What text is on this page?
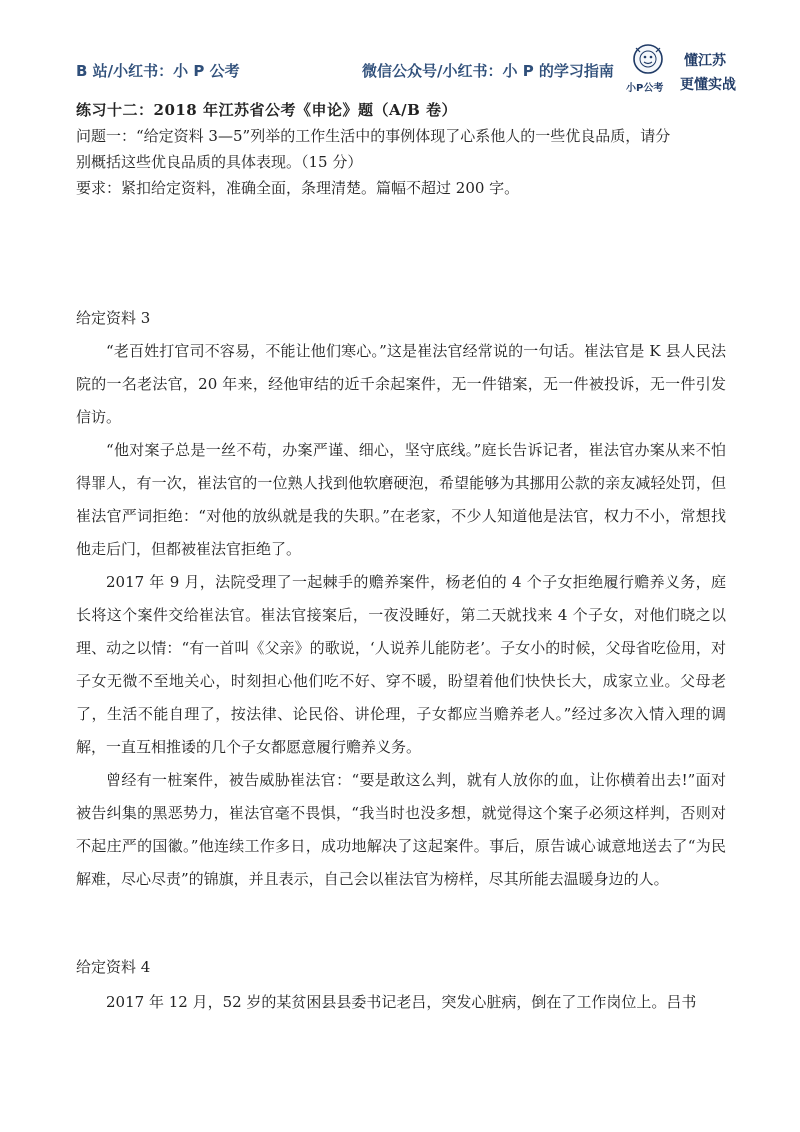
B 站/小红书：小 P 公考	微信公众号/小红书：小 P 的学习指南
小P公考
懂江苏
更懂实战

练习十二：2018 年江苏省公考《申论》题（A/B 卷）

问题一：“给定资料 3—5”列举的工作生活中的事例体现了心系他人的一些优良品质，请分

别概括这些优良品质的具体表现。（15 分）

要求：紧扣给定资料，准确全面，条理清楚。篇幅不超过 200 字。

给定资料 3

“老百姓打官司不容易，不能让他们寒心。”这是崔法官经常说的一句话。崔法官是 K 县人民法院的一名老法官，20 年来，经他审结的近千余起案件，无一件错案，无一件被投诉，无一件引发信访。

“他对案子总是一丝不苟，办案严谨、细心，坚守底线。”庭长告诉记者，崔法官办案从来不怕得罪人，有一次，崔法官的一位熟人找到他软磨硬泡，希望能够为其挪用公款的亲友减轻处罚，但崔法官严词拒绝：“对他的放纵就是我的失职。”在老家，不少人知道他是法官，权力不小，常想找他走后门，但都被崔法官拒绝了。

2017 年 9 月，法院受理了一起棘手的赡养案件，杨老伯的 4 个子女拒绝履行赡养义务，庭长将这个案件交给崔法官。崔法官接案后，一夜没睡好，第二天就找来 4 个子女，对他们晓之以理、动之以情：“有一首叫《父亲》的歌说，‘人说养儿能防老’。子女小的时候，父母省吃俭用，对子女无微不至地关心，时刻担心他们吃不好、穿不暖，盼望着他们快快长大，成家立业。父母老了，生活不能自理了，按法律、论民俗、讲伦理，子女都应当赡养老人。”经过多次入情入理的调解，一直互相推诿的几个子女都愿意履行赡养义务。

曾经有一桩案件，被告威胁崔法官：“要是敢这么判，就有人放你的血，让你横着出去!”面对被告纠集的黑恶势力，崔法官毫不畏惧，“我当时也没多想，就觉得这个案子必须这样判，否则对不起庄严的国徽。”他连续工作多日，成功地解决了这起案件。事后，原告诚心诚意地送去了“为民解难，尽心尽责”的锦旗，并且表示，自己会以崔法官为榜样，尽其所能去温暖身边的人。

给定资料 4

2017 年 12 月，52 岁的某贫困县县委书记老吕，突发心脏病，倒在了工作岗位上。吕书
